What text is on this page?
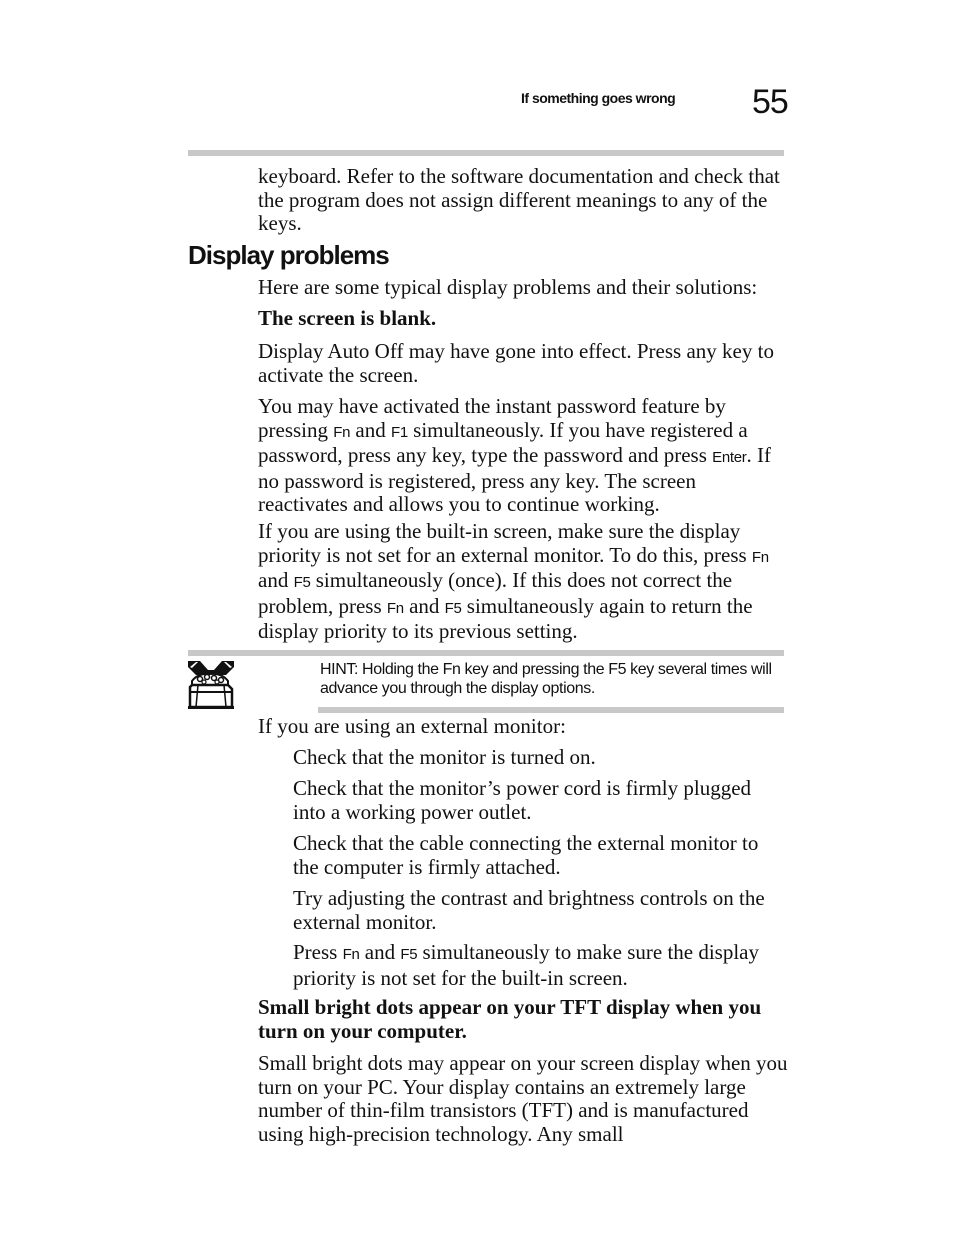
If something goes wrong 55

keyboard. Refer to the software documentation and check that the program does not assign different meanings to any of the keys.

Display problems

Here are some typical display problems and their solutions:

The screen is blank.

Display Auto Off may have gone into effect. Press any key to activate the screen.

You may have activated the instant password feature by pressing Fn and F1 simultaneously. If you have registered a password, press any key, type the password and press Enter. If no password is registered, press any key. The screen reactivates and allows you to continue working.

If you are using the built-in screen, make sure the display priority is not set for an external monitor. To do this, press Fn and F5 simultaneously (once). If this does not correct the problem, press Fn and F5 simultaneously again to return the display priority to its previous setting.

HINT: Holding the Fn key and pressing the F5 key several times will advance you through the display options.

If you are using an external monitor:

Check that the monitor is turned on.

Check that the monitor’s power cord is firmly plugged into a working power outlet.

Check that the cable connecting the external monitor to the computer is firmly attached.

Try adjusting the contrast and brightness controls on the external monitor.

Press Fn and F5 simultaneously to make sure the display priority is not set for the built-in screen.

Small bright dots appear on your TFT display when you turn on your computer.

Small bright dots may appear on your screen display when you turn on your PC. Your display contains an extremely large number of thin-film transistors (TFT) and is manufactured using high-precision technology. Any small
